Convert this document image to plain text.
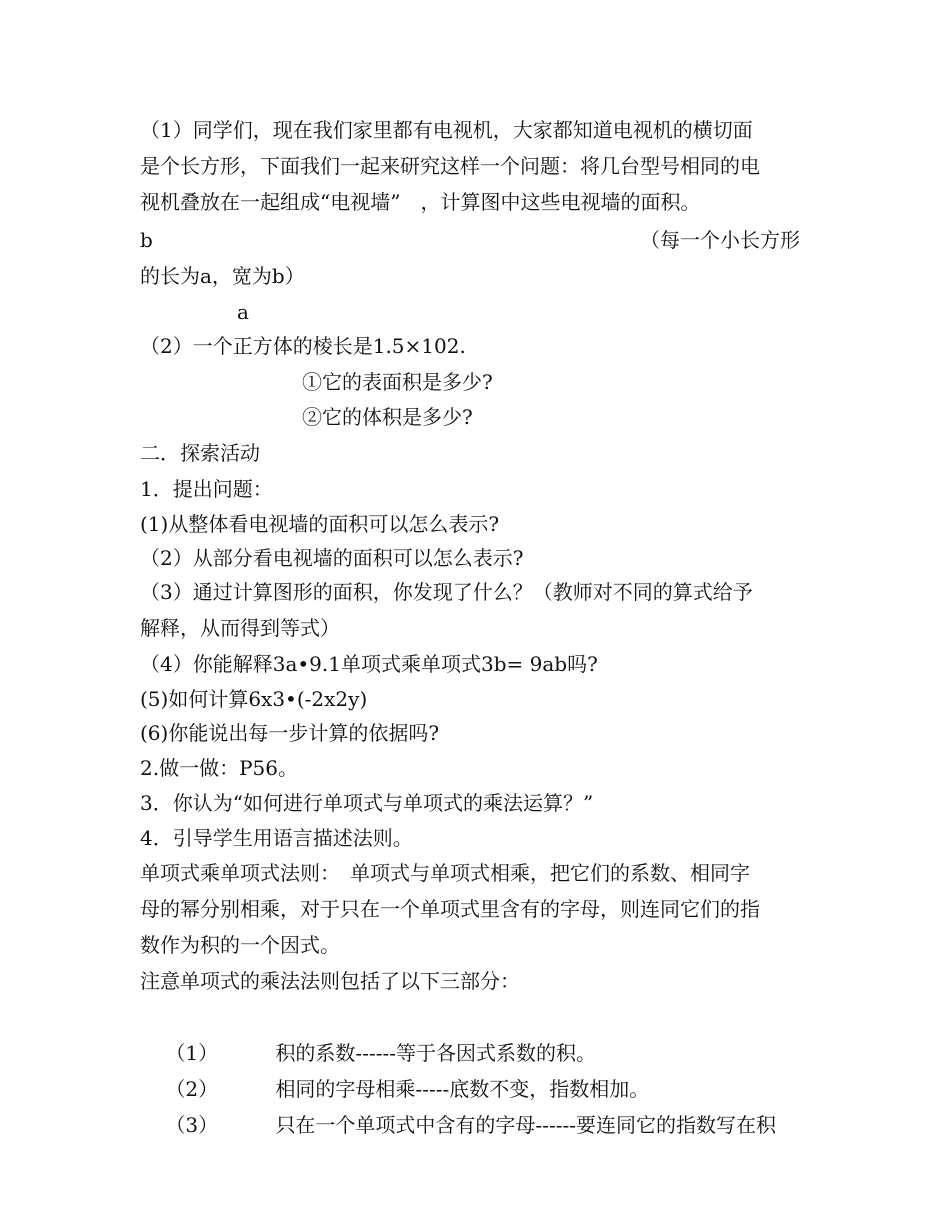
（1）同学们，现在我们家里都有电视机，大家都知道电视机的横切面
是个长方形，下面我们一起来研究这样一个问题：将几台型号相同的电
视机叠放在一起组成“电视墙”　，计算图中这些电视墙的面积。
b	（每一个小长方形
的长为a，宽为b）
a
（2）一个正方体的棱长是1.5×102.
①它的表面积是多少?
②它的体积是多少?
二．探索活动
1．提出问题：
(1)从整体看电视墙的面积可以怎么表示?
（2）从部分看电视墙的面积可以怎么表示?
（3）通过计算图形的面积，你发现了什么？（教师对不同的算式给予
解释，从而得到等式）
（4）你能解释3a•9.1单项式乘单项式3b= 9ab吗?
(5)如何计算6x3•(-2x2y)
(6)你能说出每一步计算的依据吗?
2.做一做：P56。
3．你认为“如何进行单项式与单项式的乘法运算？”
4．引导学生用语言描述法则。
单项式乘单项式法则：　单项式与单项式相乘，把它们的系数、相同字
母的幂分别相乘，对于只在一个单项式里含有的字母，则连同它们的指
数作为积的一个因式。
注意单项式的乘法法则包括了以下三部分：

（1）	积的系数------等于各因式系数的积。

（2）	相同的字母相乘-----底数不变，指数相加。

（3）	只在一个单项式中含有的字母------要连同它的指数写在积
